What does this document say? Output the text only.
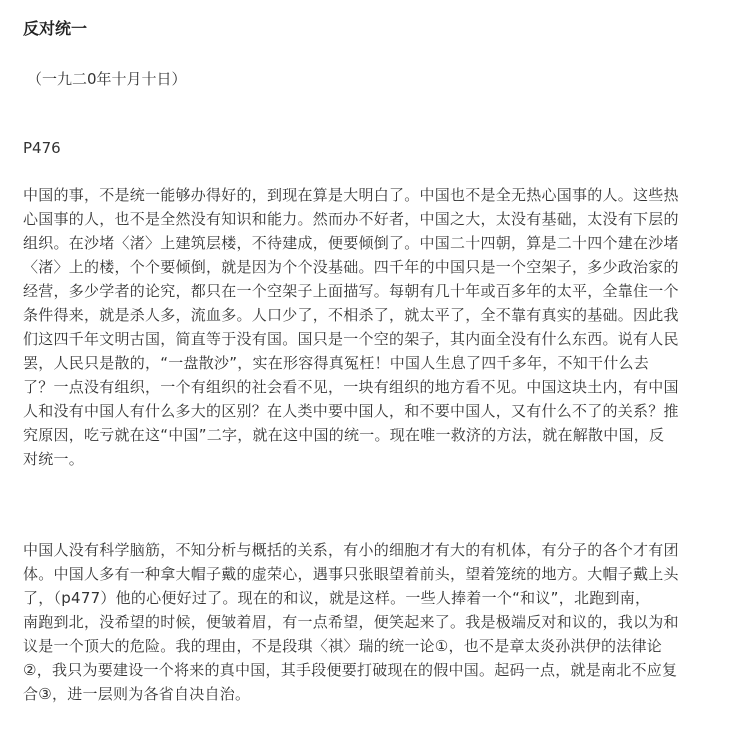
反对统一
（一九二0年十月十日）
P476
中国的事，不是统一能够办得好的，到现在算是大明白了。中国也不是全无热心国事的人。这些热
心国事的人，也不是全然没有知识和能力。然而办不好者，中国之大，太没有基础，太没有下层的
组织。在沙堵〈渚〉上建筑层楼，不待建成，便要倾倒了。中国二十四朝，算是二十四个建在沙堵
〈渚〉上的楼，个个要倾倒，就是因为个个没基础。四千年的中国只是一个空架子，多少政治家的
经营，多少学者的论究，都只在一个空架子上面描写。每朝有几十年或百多年的太平，全靠住一个
条件得来，就是杀人多，流血多。人口少了，不相杀了，就太平了，全不靠有真实的基础。因此我
们这四千年文明古国，简直等于没有国。国只是一个空的架子，其内面全没有什么东西。说有人民
罢，人民只是散的，“一盘散沙”，实在形容得真冤枉！中国人生息了四千多年，不知干什么去
了？一点没有组织，一个有组织的社会看不见，一块有组织的地方看不见。中国这块土内，有中国
人和没有中国人有什么多大的区别？在人类中要中国人，和不要中国人，又有什么不了的关系？推
究原因，吃亏就在这“中国”二字，就在这中国的统一。现在唯一救济的方法，就在解散中国，反
对统一。
中国人没有科学脑筋，不知分析与概括的关系，有小的细胞才有大的有机体，有分子的各个才有团
体。中国人多有一种拿大帽子戴的虚荣心，遇事只张眼望着前头，望着笼统的地方。大帽子戴上头
了，（p477）他的心便好过了。现在的和议，就是这样。一些人捧着一个“和议”，北跑到南，
南跑到北，没希望的时候，便皱着眉，有一点希望，便笑起来了。我是极端反对和议的，我以为和
议是一个顶大的危险。我的理由，不是段琪〈祺〉瑞的统一论①，也不是章太炎孙洪伊的法律论
②，我只为要建设一个将来的真中国，其手段便要打破现在的假中国。起码一点，就是南北不应复
合③，进一层则为各省自决自治。
